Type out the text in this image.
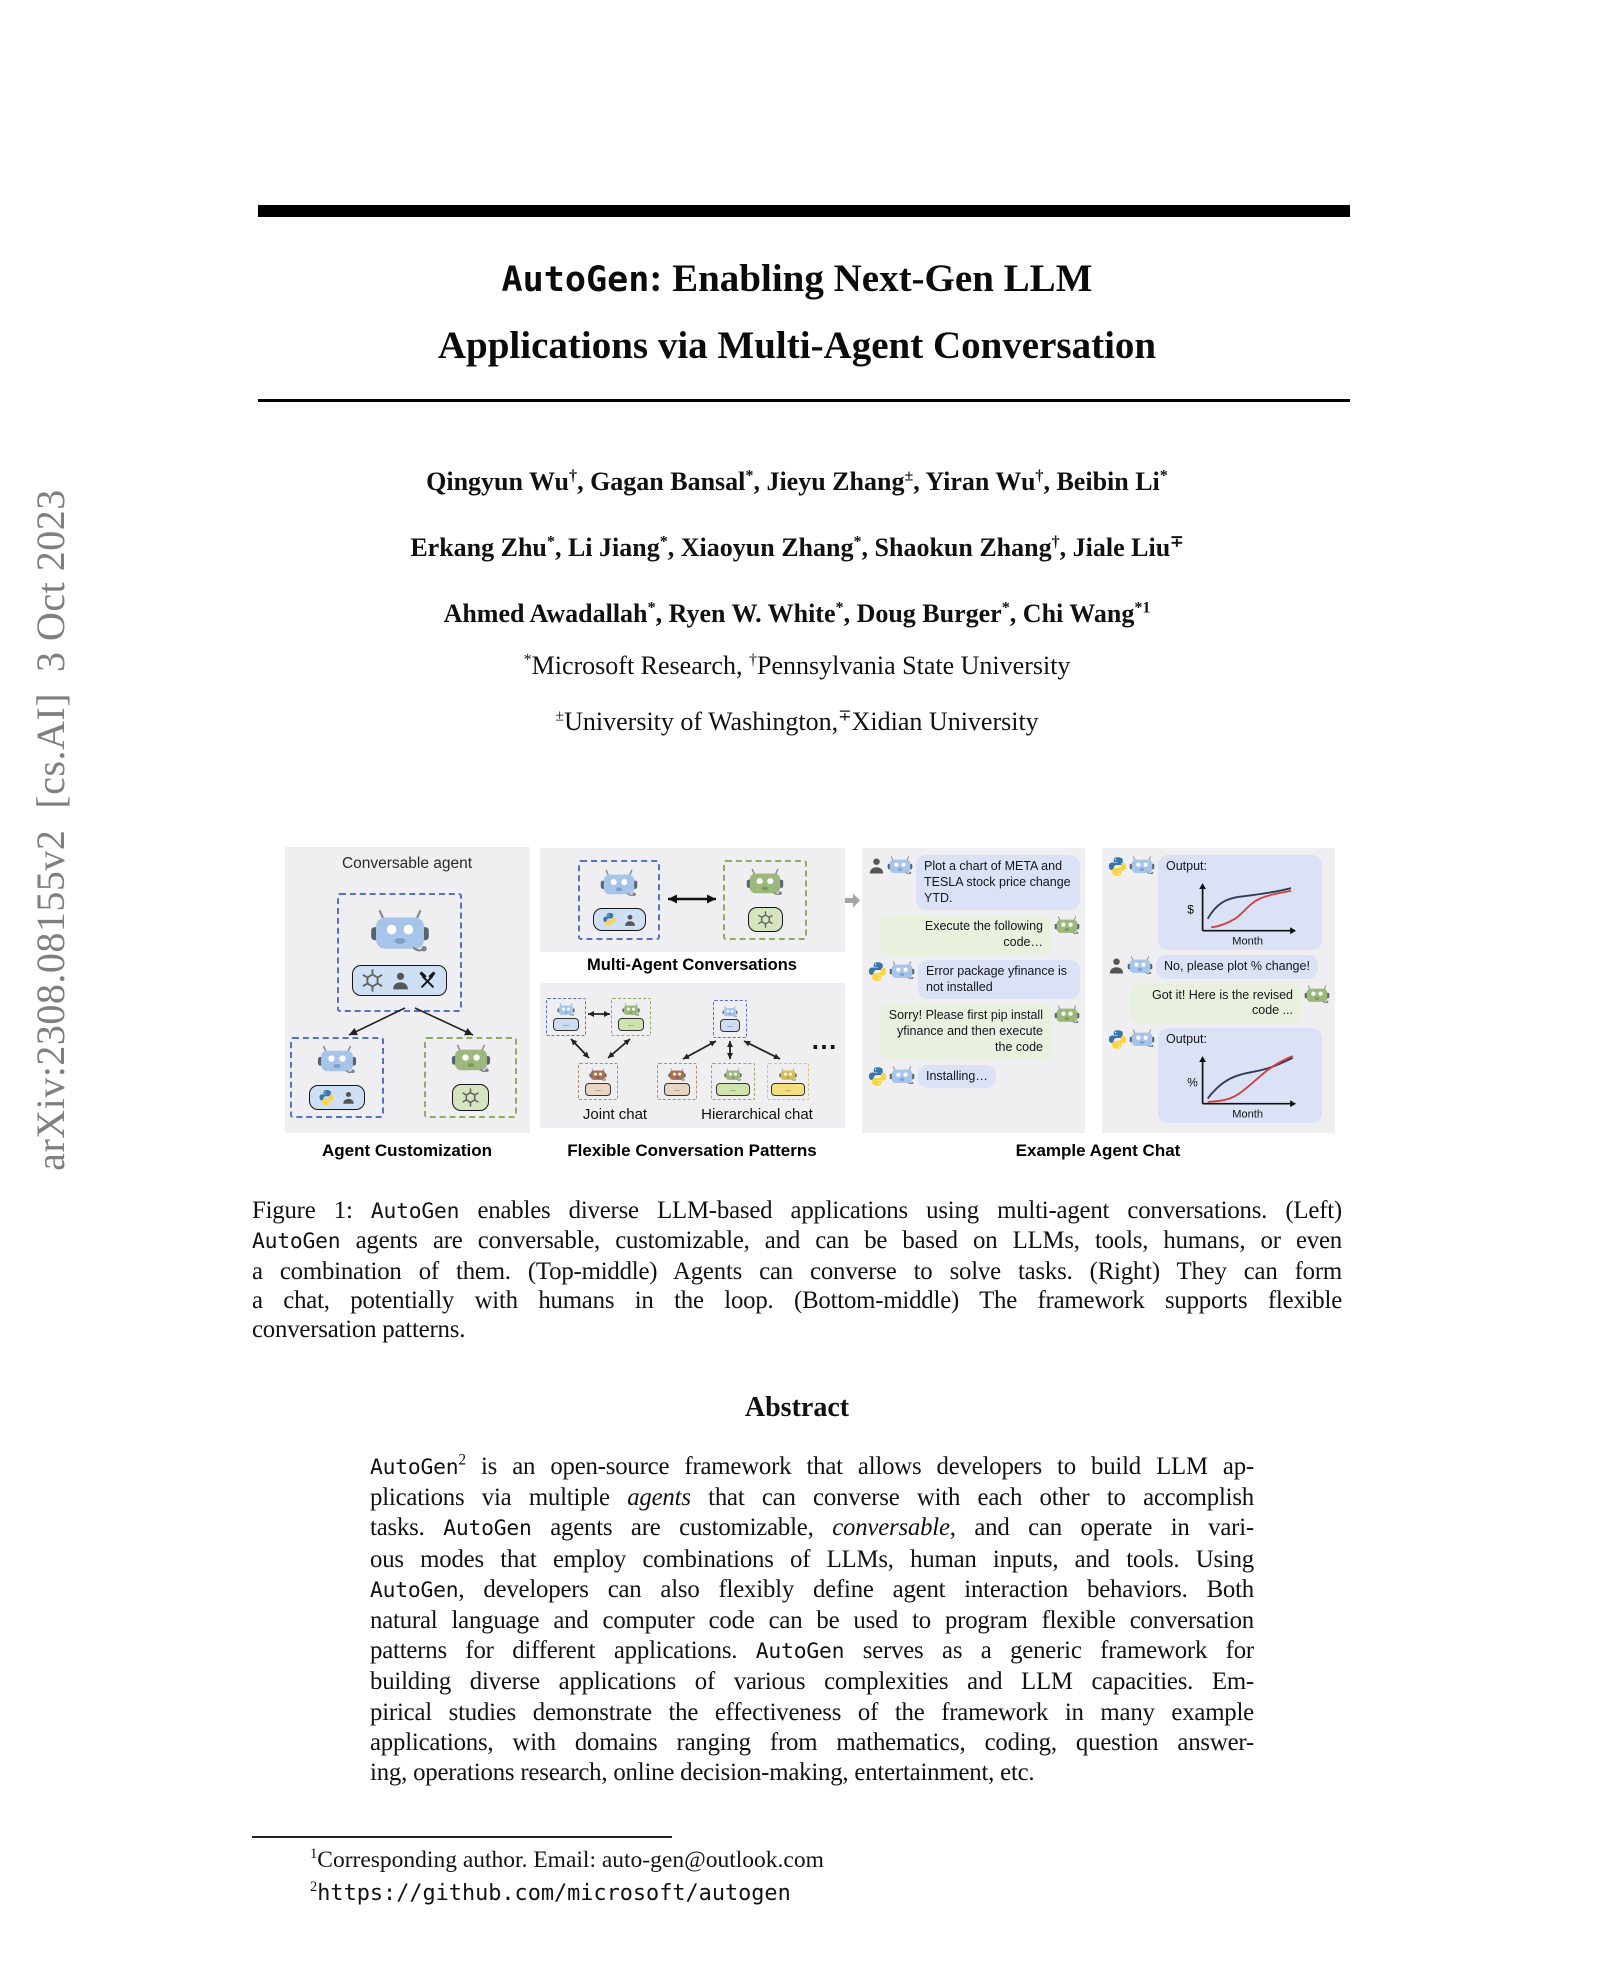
arXiv:2308.08155v2  [cs.AI]  3 Oct 2023
AutoGen: Enabling Next-Gen LLM
Applications via Multi-Agent Conversation
Qingyun Wu†, Gagan Bansal*, Jieyu Zhang±, Yiran Wu†, Beibin Li*
Erkang Zhu*, Li Jiang*, Xiaoyun Zhang*, Shaokun Zhang†, Jiale Liu∓
Ahmed Awadallah*, Ryen W. White*, Doug Burger*, Chi Wang$^{*1}$
*Microsoft Research, †Pennsylvania State University
±University of Washington,∓Xidian University
Conversable agent
Agent Customization
Multi-Agent Conversations
...	...
...
...
...	...	...
Joint chat	Hierarchical chat
⋯
Flexible Conversation Patterns
Plot a chart of META and TESLA stock price change YTD.
Execute the following code…
Error package yfinance is not installed
Sorry! Please first pip install yfinance and then execute the code
Installing…
Output:
$
Month
No, please plot % change!
Got it! Here is the revised code ...
Output:
%
Month
Example Agent Chat
Figure 1: AutoGen enables diverse LLM-based applications using multi-agent conversations. (Left)
AutoGen agents are conversable, customizable, and can be based on LLMs, tools, humans, or even
a combination of them. (Top-middle) Agents can converse to solve tasks. (Right) They can form
a chat, potentially with humans in the loop. (Bottom-middle) The framework supports flexible
conversation patterns.
Abstract
AutoGen$^2$ is an open-source framework that allows developers to build LLM ap-
plications via multiple agents that can converse with each other to accomplish
tasks. AutoGen agents are customizable, conversable, and can operate in vari-
ous modes that employ combinations of LLMs, human inputs, and tools. Using
AutoGen, developers can also flexibly define agent interaction behaviors. Both
natural language and computer code can be used to program flexible conversation
patterns for different applications. AutoGen serves as a generic framework for
building diverse applications of various complexities and LLM capacities. Em-
pirical studies demonstrate the effectiveness of the framework in many example
applications, with domains ranging from mathematics, coding, question answer-
ing, operations research, online decision-making, entertainment, etc.
$^1$Corresponding author. Email: auto-gen@outlook.com
$^2$https://github.com/microsoft/autogen
